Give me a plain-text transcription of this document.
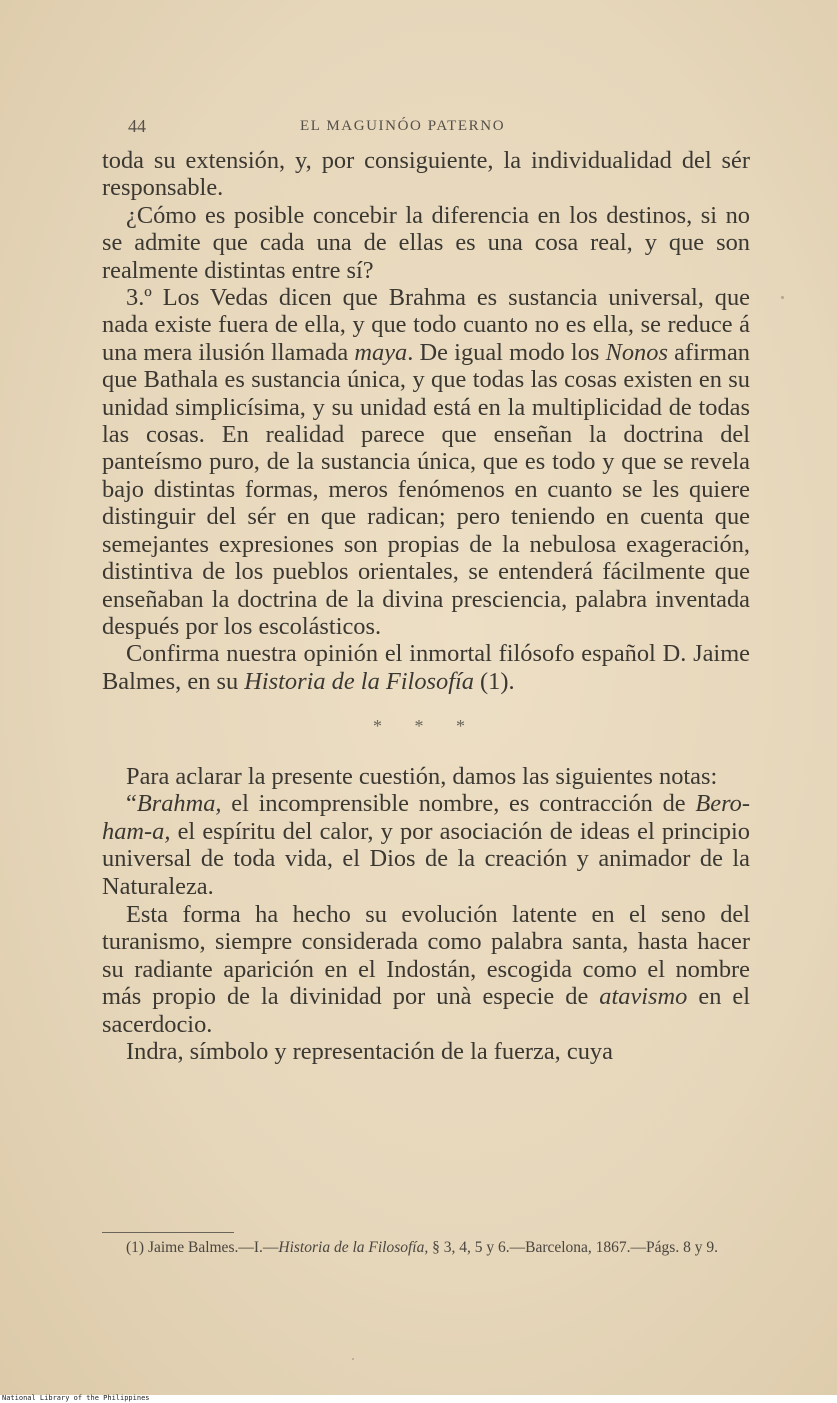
44	EL MAGUINÓO PATERNO

toda su extensión, y, por consiguiente, la individualidad del sér responsable.

¿Cómo es posible concebir la diferencia en los destinos, si no se admite que cada una de ellas es una cosa real, y que son realmente distintas entre sí?

3.º Los Vedas dicen que Brahma es sustancia universal, que nada existe fuera de ella, y que todo cuanto no es ella, se reduce á una mera ilusión llamada maya. De igual modo los Nonos afirman que Bathala es sustancia única, y que todas las cosas existen en su unidad simplicísima, y su unidad está en la multiplicidad de todas las cosas. En realidad parece que enseñan la doctrina del panteísmo puro, de la sustancia única, que es todo y que se revela bajo distintas formas, meros fenómenos en cuanto se les quiere distinguir del sér en que radican; pero teniendo en cuenta que semejantes expresiones son propias de la nebulosa exageración, distintiva de los pueblos orientales, se entenderá fácilmente que enseñaban la doctrina de la divina presciencia, palabra inventada después por los escolásticos.

Confirma nuestra opinión el inmortal filósofo español D. Jaime Balmes, en su Historia de la Filosofía (1).

* * *

Para aclarar la presente cuestión, damos las siguientes notas:

“Brahma, el incomprensible nombre, es contracción de Bero-ham-a, el espíritu del calor, y por asociación de ideas el principio universal de toda vida, el Dios de la creación y animador de la Naturaleza.

Esta forma ha hecho su evolución latente en el seno del turanismo, siempre considerada como palabra santa, hasta hacer su radiante aparición en el Indostán, escogida como el nombre más propio de la divinidad por unà especie de atavismo en el sacerdocio.

Indra, símbolo y representación de la fuerza, cuya

(1) Jaime Balmes.—I.—Historia de la Filosofía, § 3, 4, 5 y 6.—Barcelona, 1867.—Págs. 8 y 9.
National Library of the Philippines
